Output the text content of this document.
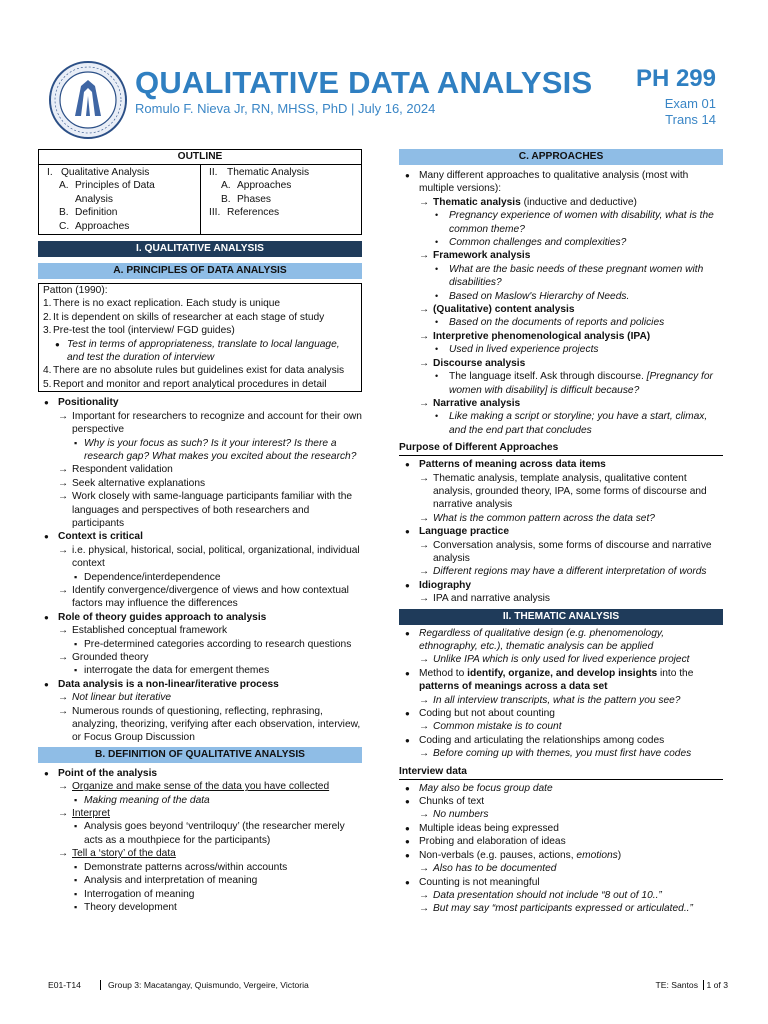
QUALITATIVE DATA ANALYSIS
Romulo F. Nieva Jr, RN, MHSS, PhD | July 16, 2024
PH 299
Exam 01
Trans 14
OUTLINE
I. Qualitative Analysis
A. Principles of Data
Analysis
B. Definition
C. Approaches
II. Thematic Analysis
A. Approaches
B. Phases
III. References
I. QUALITATIVE ANALYSIS
A. PRINCIPLES OF DATA ANALYSIS
Patton (1990):
1. There is no exact replication. Each study is unique
2. It is dependent on skills of researcher at each stage of study
3. Pre-test the tool (interview/ FGD guides)
● Test in terms of appropriateness, translate to local language, and test the duration of interview
4. There are no absolute rules but guidelines exist for data analysis
5. Report and monitor and report analytical procedures in detail
● Positionality
→ Important for researchers to recognize and account for their own perspective
▪ Why is your focus as such? Is it your interest? Is there a research gap? What makes you excited about the research?
→ Respondent validation
→ Seek alternative explanations
→ Work closely with same-language participants familiar with the languages and perspectives of both researchers and participants
● Context is critical
→ i.e. physical, historical, social, political, organizational, individual context
▪ Dependence/interdependence
→ Identify convergence/divergence of views and how contextual factors may influence the differences
● Role of theory guides approach to analysis
→ Established conceptual framework
▪ Pre-determined categories according to research questions
→ Grounded theory
▪ interrogate the data for emergent themes
● Data analysis is a non-linear/iterative process
→ Not linear but iterative
→ Numerous rounds of questioning, reflecting, rephrasing, analyzing, theorizing, verifying after each observation, interview, or Focus Group Discussion
B. DEFINITION OF QUALITATIVE ANALYSIS
● Point of the analysis
→ Organize and make sense of the data you have collected
▪ Making meaning of the data
→ Interpret
▪ Analysis goes beyond ‘ventriloquy’ (the researcher merely acts as a mouthpiece for the participants)
→ Tell a ‘story’ of the data
▪ Demonstrate patterns across/within accounts
▪ Analysis and interpretation of meaning
▪ Interrogation of meaning
▪ Theory development
C. APPROACHES
● Many different approaches to qualitative analysis (most with multiple versions):
→ Thematic analysis (inductive and deductive)
•	Pregnancy experience of women with disability, what is the common theme?
•	Common challenges and complexities?
→ Framework analysis
•	What are the basic needs of these pregnant women with disabilities?
•	Based on Maslow's Hierarchy of Needs.
→ (Qualitative) content analysis
•	Based on the documents of reports and policies
→ Interpretive phenomenological analysis (IPA)
•	Used in lived experience projects
→ Discourse analysis
•	The language itself. Ask through discourse. [Pregnancy for women with disability] is difficult because?
→ Narrative analysis
•	Like making a script or storyline; you have a start, climax, and the end part that concludes
Purpose of Different Approaches
● Patterns of meaning across data items
→ Thematic analysis, template analysis, qualitative content analysis, grounded theory, IPA, some forms of discourse and narrative analysis
→ What is the common pattern across the data set?
● Language practice
→ Conversation analysis, some forms of discourse and narrative analysis
→ Different regions may have a different interpretation of words
● Idiography
→ IPA and narrative analysis
II. THEMATIC ANALYSIS
● Regardless of qualitative design (e.g. phenomenology, ethnography, etc.), thematic analysis can be applied
→ Unlike IPA which is only used for lived experience project
● Method to identify, organize, and develop insights into the patterns of meanings across a data set
→ In all interview transcripts, what is the pattern you see?
● Coding but not about counting
→ Common mistake is to count
● Coding and articulating the relationships among codes
→ Before coming up with themes, you must first have codes
Interview data
● May also be focus group date
● Chunks of text
→ No numbers
● Multiple ideas being expressed
● Probing and elaboration of ideas
● Non-verbals (e.g. pauses, actions, emotions)
→ Also has to be documented
● Counting is not meaningful
→ Data presentation should not include “8 out of 10..”
→ But may say “most participants expressed or articulated..”
E01-T14	Group 3: Macatangay, Quismundo, Vergeire, Victoria	TE: Santos 1 of 3
